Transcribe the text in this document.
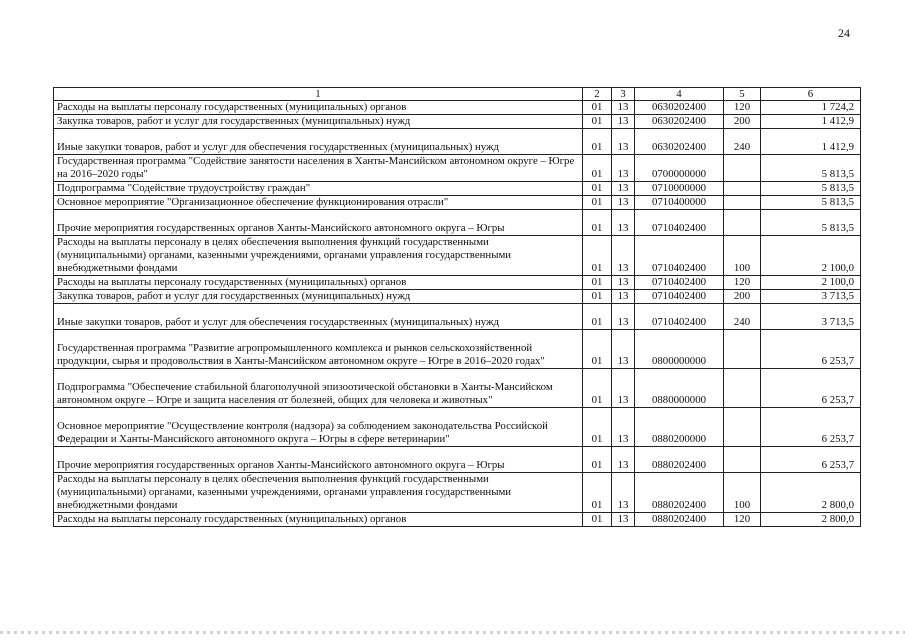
24
1	2	3	4	5	6
Расходы на выплаты персоналу государственных (муниципальных) органов	01	13	0630202400	120	1 724,2
Закупка товаров, работ и услуг для государственных (муниципальных) нужд	01	13	0630202400	200	1 412,9
Иные закупки товаров, работ и услуг для обеспечения государственных (муниципальных) нужд	01	13	0630202400	240	1 412,9
Государственная программа "Содействие занятости населения в Ханты-Мансийском автономном округе – Югре на 2016–2020 годы"	01	13	0700000000		5 813,5
Подпрограмма "Содействие трудоустройству граждан"	01	13	0710000000		5 813,5
Основное мероприятие "Организационное обеспечение функционирования отрасли"	01	13	0710400000		5 813,5
Прочие мероприятия государственных органов Ханты-Мансийского автономного округа – Югры	01	13	0710402400		5 813,5
Расходы на выплаты персоналу в целях обеспечения выполнения функций государственными (муниципальными) органами, казенными учреждениями, органами управления государственными внебюджетными фондами	01	13	0710402400	100	2 100,0
Расходы на выплаты персоналу государственных (муниципальных) органов	01	13	0710402400	120	2 100,0
Закупка товаров, работ и услуг для государственных (муниципальных) нужд	01	13	0710402400	200	3 713,5
Иные закупки товаров, работ и услуг для обеспечения государственных (муниципальных) нужд	01	13	0710402400	240	3 713,5
Государственная программа "Развитие агропромышленного комплекса и рынков сельскохозяйственной продукции, сырья и продовольствия в Ханты-Мансийском автономном округе – Югре в 2016–2020 годах"	01	13	0800000000		6 253,7
Подпрограмма "Обеспечение стабильной благополучной эпизоотической обстановки в Ханты-Мансийском автономном округе – Югре и защита населения от болезней, общих для человека и животных"	01	13	0880000000		6 253,7
Основное мероприятие "Осуществление контроля (надзора) за соблюдением законодательства Российской Федерации и Ханты-Мансийского автономного округа – Югры в сфере ветеринарии"	01	13	0880200000		6 253,7
Прочие мероприятия государственных органов Ханты-Мансийского автономного округа – Югры	01	13	0880202400		6 253,7
Расходы на выплаты персоналу в целях обеспечения выполнения функций государственными (муниципальными) органами, казенными учреждениями, органами управления государственными внебюджетными фондами	01	13	0880202400	100	2 800,0
Расходы на выплаты персоналу государственных (муниципальных) органов	01	13	0880202400	120	2 800,0
